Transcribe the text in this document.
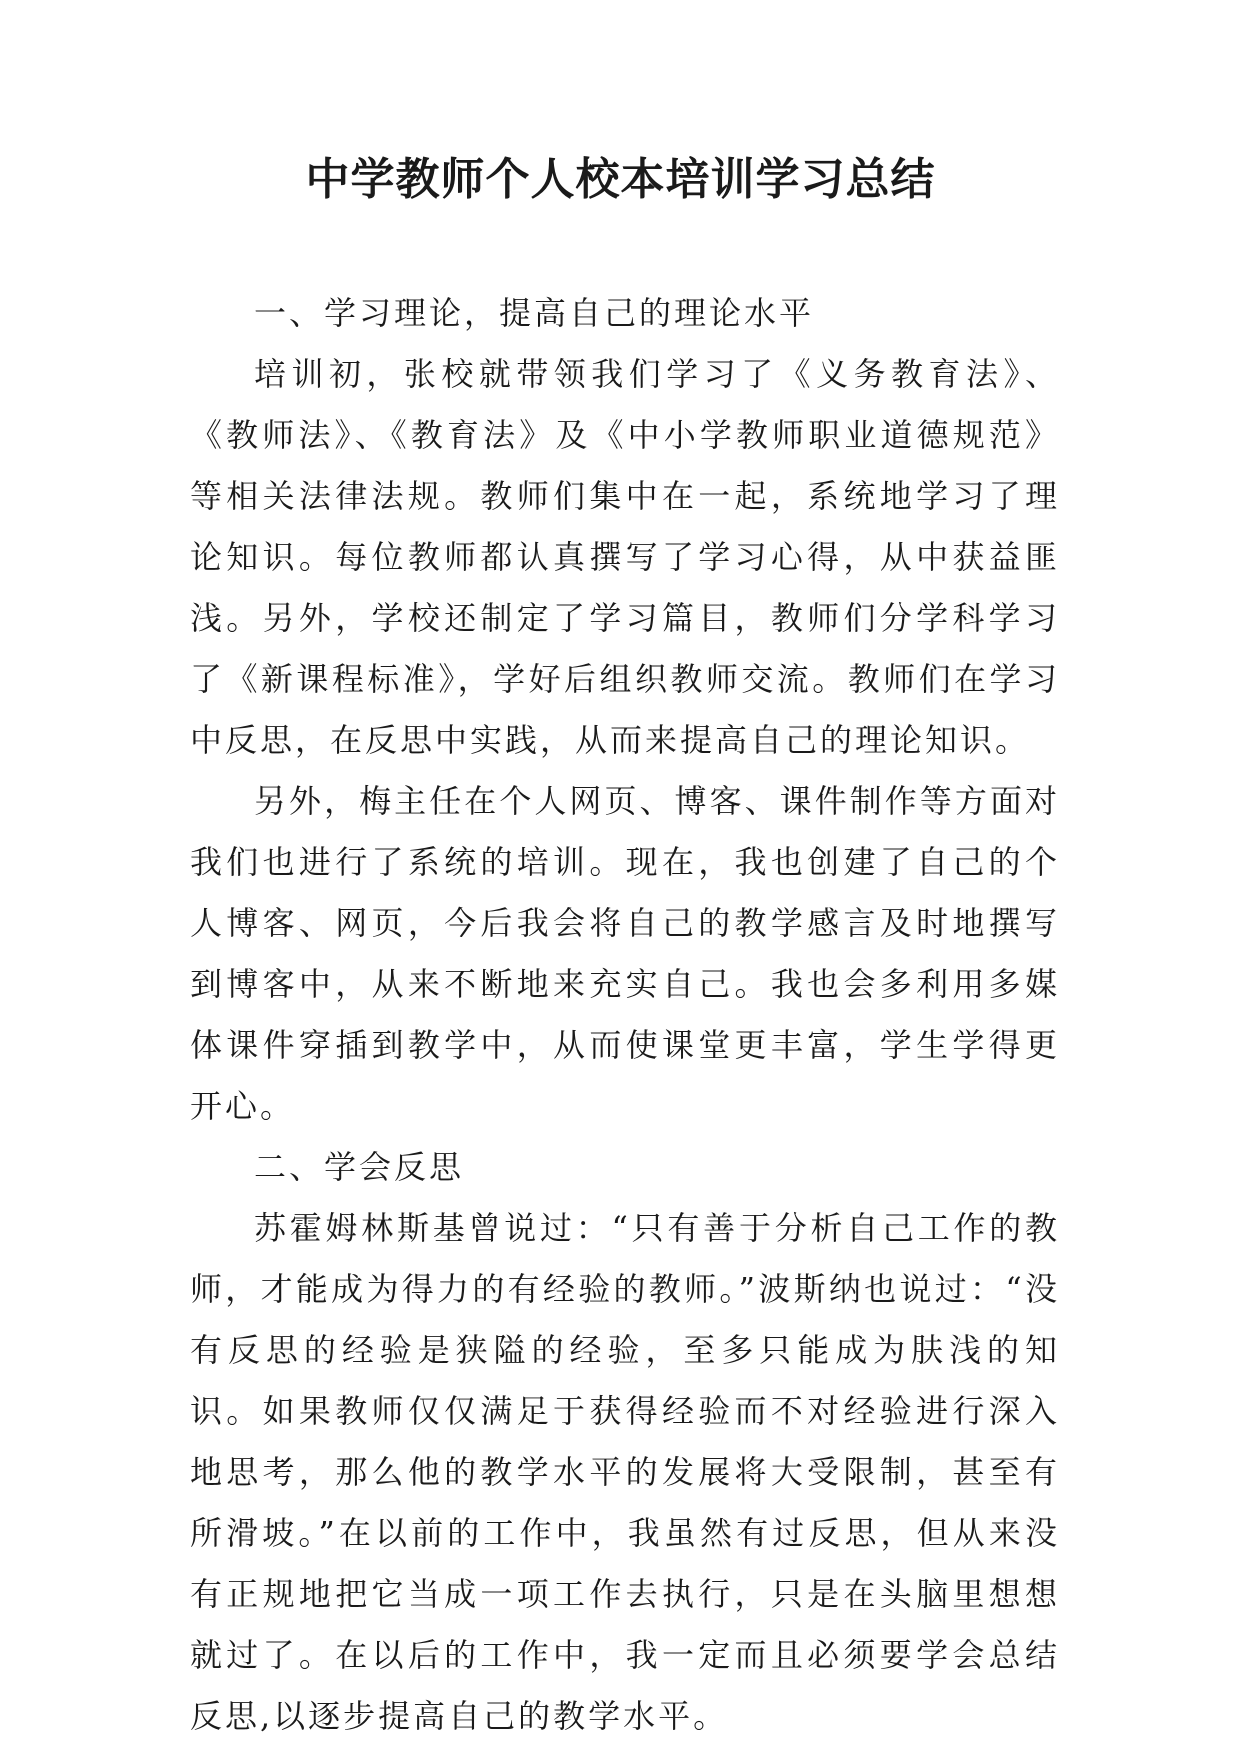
中学教师个人校本培训学习总结

一、学习理论，提高自己的理论水平

培训初，张校就带领我们学习了《义务教育法》、《教师法》、《教育法》及《中小学教师职业道德规范》等相关法律法规。教师们集中在一起，系统地学习了理论知识。每位教师都认真撰写了学习心得，从中获益匪浅。另外，学校还制定了学习篇目，教师们分学科学习了《新课程标准》，学好后组织教师交流。教师们在学习中反思，在反思中实践，从而来提高自己的理论知识。

另外，梅主任在个人网页、博客、课件制作等方面对我们也进行了系统的培训。现在，我也创建了自己的个人博客、网页，今后我会将自己的教学感言及时地撰写到博客中，从来不断地来充实自己。我也会多利用多媒体课件穿插到教学中，从而使课堂更丰富，学生学得更开心。

二、学会反思

苏霍姆林斯基曾说过：“只有善于分析自己工作的教师，才能成为得力的有经验的教师。”波斯纳也说过：“没有反思的经验是狭隘的经验，至多只能成为肤浅的知识。如果教师仅仅满足于获得经验而不对经验进行深入地思考，那么他的教学水平的发展将大受限制，甚至有所滑坡。”在以前的工作中，我虽然有过反思，但从来没有正规地把它当成一项工作去执行，只是在头脑里想想就过了。在以后的工作中，我一定而且必须要学会总结反思,以逐步提高自己的教学水平。
